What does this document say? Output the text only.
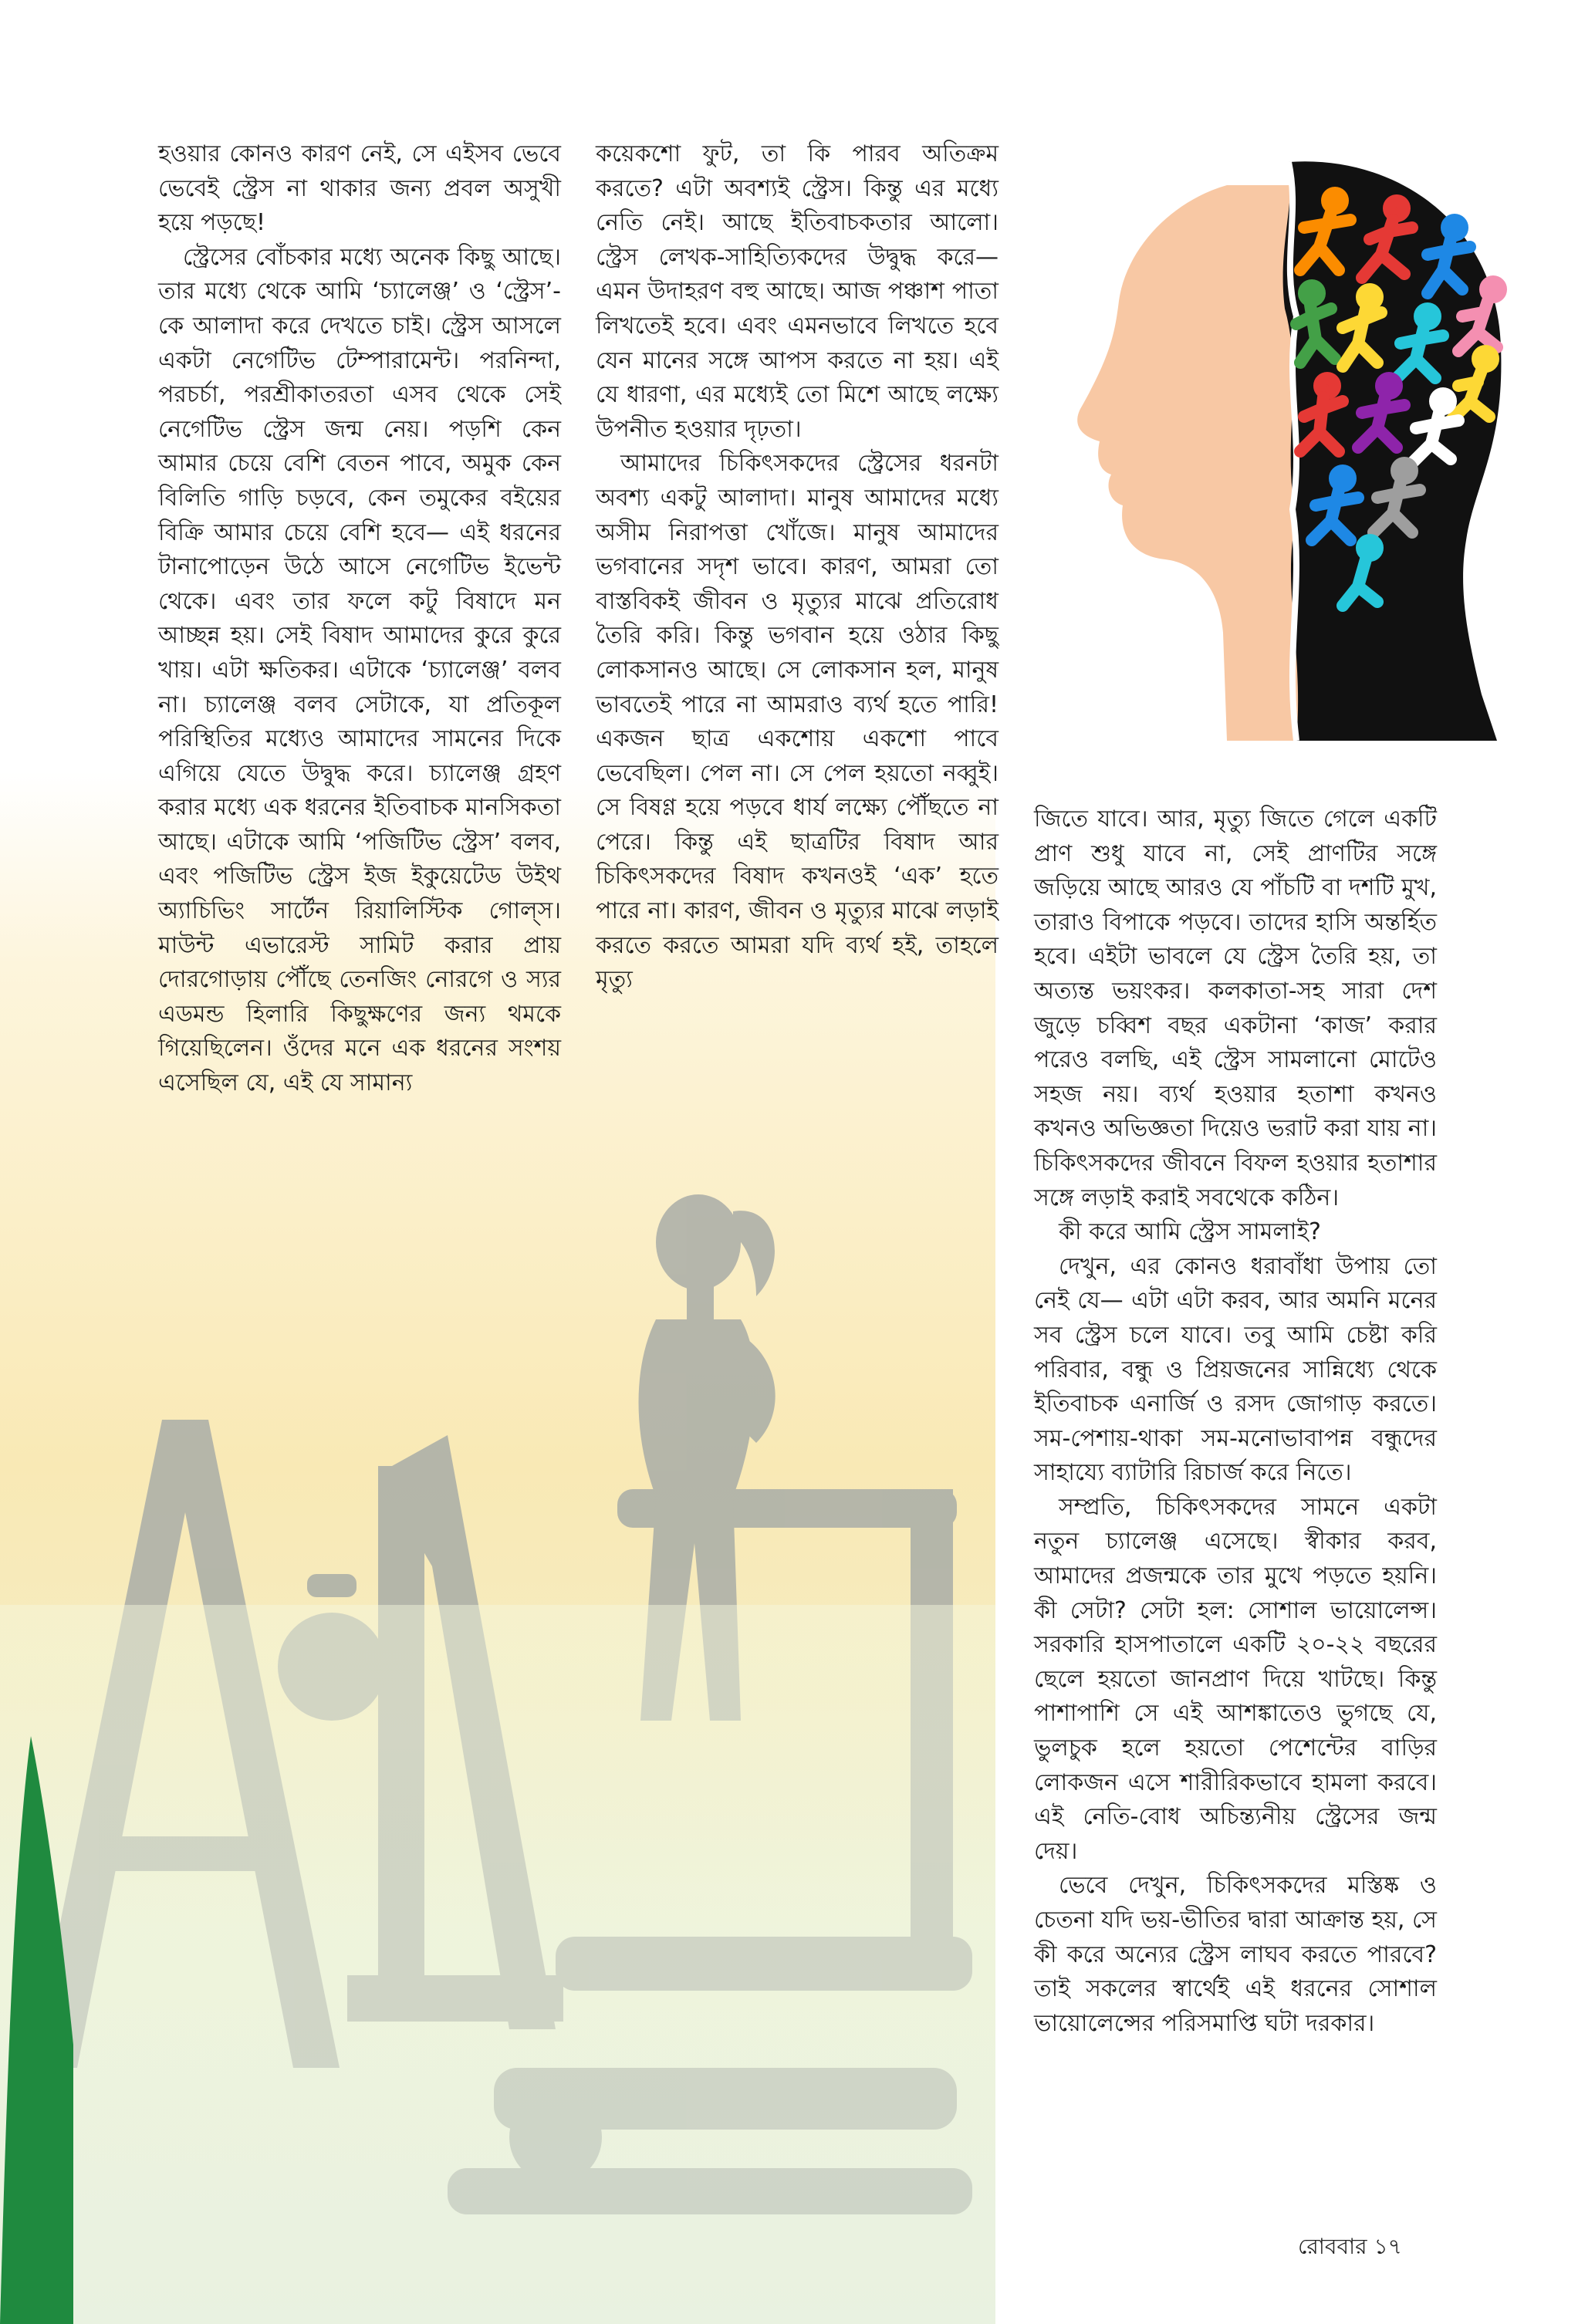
হওয়ার কোনও কারণ নেই, সে এইসব ভেবে ভেবেই স্ট্রেস না থাকার জন্য প্রবল অসুখী হয়ে পড়ছে!

স্ট্রেসের বোঁচকার মধ্যে অনেক কিছু আছে। তার মধ্যে থেকে আমি ‘চ্যালেঞ্জ’ ও ‘স্ট্রেস’-কে আলাদা করে দেখতে চাই। স্ট্রেস আসলে একটা নেগেটিভ টেম্পারামেন্ট। পরনিন্দা, পরচর্চা, পরশ্রীকাতরতা এসব থেকে সেই নেগেটিভ স্ট্রেস জন্ম নেয়। পড়শি কেন আমার চেয়ে বেশি বেতন পাবে, অমুক কেন বিলিতি গাড়ি চড়বে, কেন তমুকের বইয়ের বিক্রি আমার চেয়ে বেশি হবে— এই ধরনের টানাপোড়েন উঠে আসে নেগেটিভ ইভেন্ট থেকে। এবং তার ফলে কটু বিষাদে মন আচ্ছন্ন হয়। সেই বিষাদ আমাদের কুরে কুরে খায়। এটা ক্ষতিকর। এটাকে ‘চ্যালেঞ্জ’ বলব না। চ্যালেঞ্জ বলব সেটাকে, যা প্রতিকূল পরিস্থিতির মধ্যেও আমাদের সামনের দিকে এগিয়ে যেতে উদ্বুদ্ধ করে। চ্যালেঞ্জ গ্রহণ করার মধ্যে এক ধরনের ইতিবাচক মানসিকতা আছে। এটাকে আমি ‘পজিটিভ স্ট্রেস’ বলব, এবং পজিটিভ স্ট্রেস ইজ ইকুয়েটেড উইথ অ্যাচিভিং সার্টেন রিয়ালিস্টিক গোল্‌স। মাউন্ট এভারেস্ট সামিট করার প্রায় দোরগোড়ায় পৌঁছে তেনজিং নোরগে ও স্যর এডমন্ড হিলারি কিছুক্ষণের জন্য থমকে গিয়েছিলেন। ওঁদের মনে এক ধরনের সংশয় এসেছিল যে, এই যে সামান্য

কয়েকশো ফুট, তা কি পারব অতিক্রম করতে? এটা অবশ্যই স্ট্রেস। কিন্তু এর মধ্যে নেতি নেই। আছে ইতিবাচকতার আলো। স্ট্রেস লেখক-সাহিত্যিকদের উদ্বুদ্ধ করে— এমন উদাহরণ বহু আছে। আজ পঞ্চাশ পাতা লিখতেই হবে। এবং এমনভাবে লিখতে হবে যেন মানের সঙ্গে আপস করতে না হয়। এই যে ধারণা, এর মধ্যেই তো মিশে আছে লক্ষ্যে উপনীত হওয়ার দৃঢ়তা।

আমাদের চিকিৎসকদের স্ট্রেসের ধরনটা অবশ্য একটু আলাদা। মানুষ আমাদের মধ্যে অসীম নিরাপত্তা খোঁজে। মানুষ আমাদের ভগবানের সদৃশ ভাবে। কারণ, আমরা তো বাস্তবিকই জীবন ও মৃত্যুর মাঝে প্রতিরোধ তৈরি করি। কিন্তু ভগবান হয়ে ওঠার কিছু লোকসানও আছে। সে লোকসান হল, মানুষ ভাবতেই পারে না আমরাও ব্যর্থ হতে পারি! একজন ছাত্র একশোয় একশো পাবে ভেবেছিল। পেল না। সে পেল হয়তো নব্বুই। সে বিষণ্ণ হয়ে পড়বে ধার্য লক্ষ্যে পৌঁছতে না পেরে। কিন্তু এই ছাত্রটির বিষাদ আর চিকিৎসকদের বিষাদ কখনওই ‘এক’ হতে পারে না। কারণ, জীবন ও মৃত্যুর মাঝে লড়াই করতে করতে আমরা যদি ব্যর্থ হই, তাহলে মৃত্যু

জিতে যাবে। আর, মৃত্যু জিতে গেলে একটি প্রাণ শুধু যাবে না, সেই প্রাণটির সঙ্গে জড়িয়ে আছে আরও যে পাঁচটি বা দশটি মুখ, তারাও বিপাকে পড়বে। তাদের হাসি অন্তর্হিত হবে। এইটা ভাবলে যে স্ট্রেস তৈরি হয়, তা অত্যন্ত ভয়ংকর। কলকাতা-সহ সারা দেশ জুড়ে চব্বিশ বছর একটানা ‘কাজ’ করার পরেও বলছি, এই স্ট্রেস সামলানো মোটেও সহজ নয়। ব্যর্থ হওয়ার হতাশা কখনও কখনও অভিজ্ঞতা দিয়েও ভরাট করা যায় না। চিকিৎসকদের জীবনে বিফল হওয়ার হতাশার সঙ্গে লড়াই করাই সবথেকে কঠিন।

কী করে আমি স্ট্রেস সামলাই?

দেখুন, এর কোনও ধরাবাঁধা উপায় তো নেই যে— এটা এটা করব, আর অমনি মনের সব স্ট্রেস চলে যাবে। তবু আমি চেষ্টা করি পরিবার, বন্ধু ও প্রিয়জনের সান্নিধ্যে থেকে ইতিবাচক এনার্জি ও রসদ জোগাড় করতে। সম-পেশায়-থাকা সম-মনোভাবাপন্ন বন্ধুদের সাহায্যে ব্যাটারি রিচার্জ করে নিতে।

সম্প্রতি, চিকিৎসকদের সামনে একটা নতুন চ্যালেঞ্জ এসেছে। স্বীকার করব, আমাদের প্রজন্মকে তার মুখে পড়তে হয়নি। কী সেটা? সেটা হল: সোশাল ভায়োলেন্স। সরকারি হাসপাতালে একটি ২০-২২ বছরের ছেলে হয়তো জানপ্রাণ দিয়ে খাটছে। কিন্তু পাশাপাশি সে এই আশঙ্কাতেও ভুগছে যে, ভুলচুক হলে হয়তো পেশেন্টের বাড়ির লোকজন এসে শারীরিকভাবে হামলা করবে। এই নেতি-বোধ অচিন্ত্যনীয় স্ট্রেসের জন্ম দেয়।

ভেবে দেখুন, চিকিৎসকদের মস্তিষ্ক ও চেতনা যদি ভয়-ভীতির দ্বারা আক্রান্ত হয়, সে কী করে অন্যের স্ট্রেস লাঘব করতে পারবে? তাই সকলের স্বার্থেই এই ধরনের সোশাল ভায়োলেন্সের পরিসমাপ্তি ঘটা দরকার।

রোববার ১৭
